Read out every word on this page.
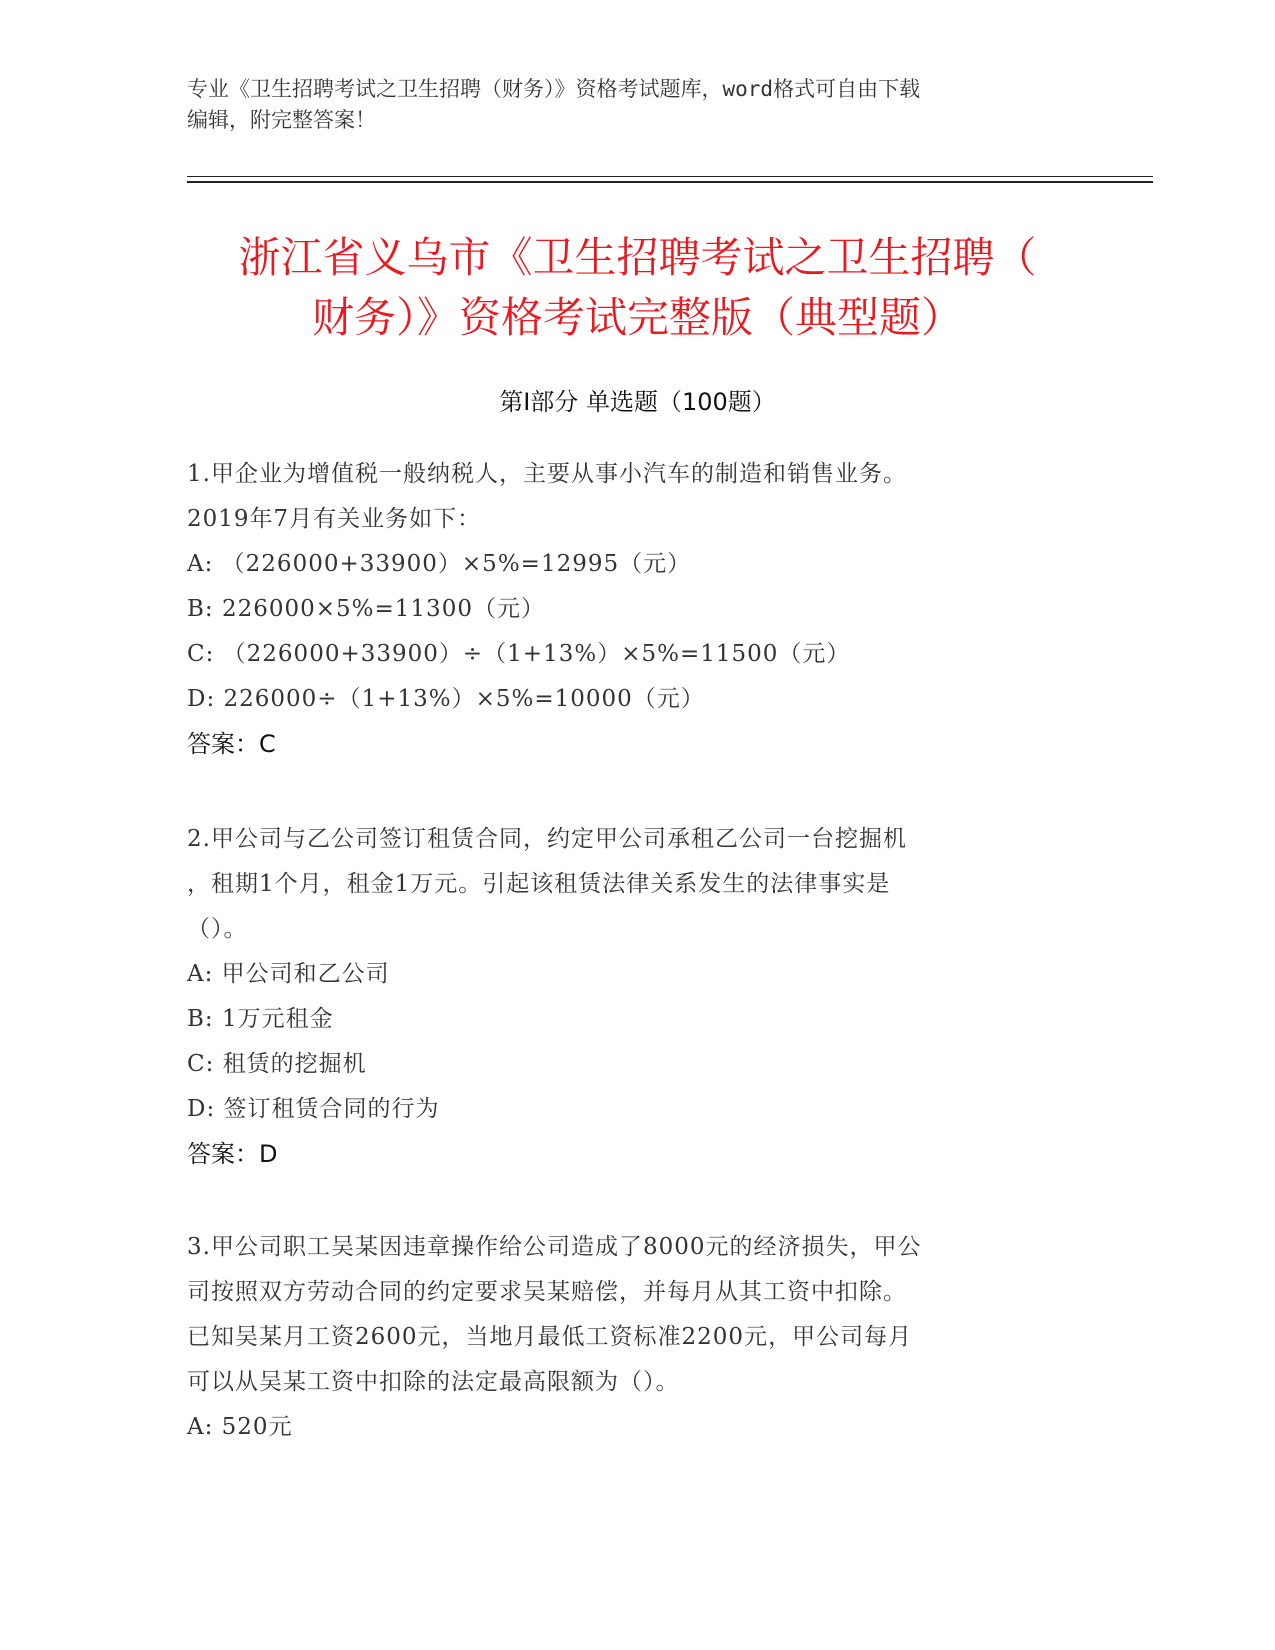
专业《卫生招聘考试之卫生招聘（财务）》资格考试题库，word格式可自由下载
编辑，附完整答案！
浙江省义乌市《卫生招聘考试之卫生招聘（
财务）》资格考试完整版（典型题）
第Ⅰ部分 单选题（100题）
1.甲企业为增值税一般纳税人，主要从事小汽车的制造和销售业务。
2019年7月有关业务如下：
A: （226000+33900）×5%=12995（元）
B: 226000×5%=11300（元）
C: （226000+33900）÷（1+13%）×5%=11500（元）
D: 226000÷（1+13%）×5%=10000（元）
答案：C
2.甲公司与乙公司签订租赁合同，约定甲公司承租乙公司一台挖掘机
，租期1个月，租金1万元。引起该租赁法律关系发生的法律事实是
（）。
A: 甲公司和乙公司
B: 1万元租金
C: 租赁的挖掘机
D: 签订租赁合同的行为
答案：D
3.甲公司职工吴某因违章操作给公司造成了8000元的经济损失，甲公
司按照双方劳动合同的约定要求吴某赔偿，并每月从其工资中扣除。
已知吴某月工资2600元，当地月最低工资标准2200元，甲公司每月
可以从吴某工资中扣除的法定最高限额为（）。
A: 520元
